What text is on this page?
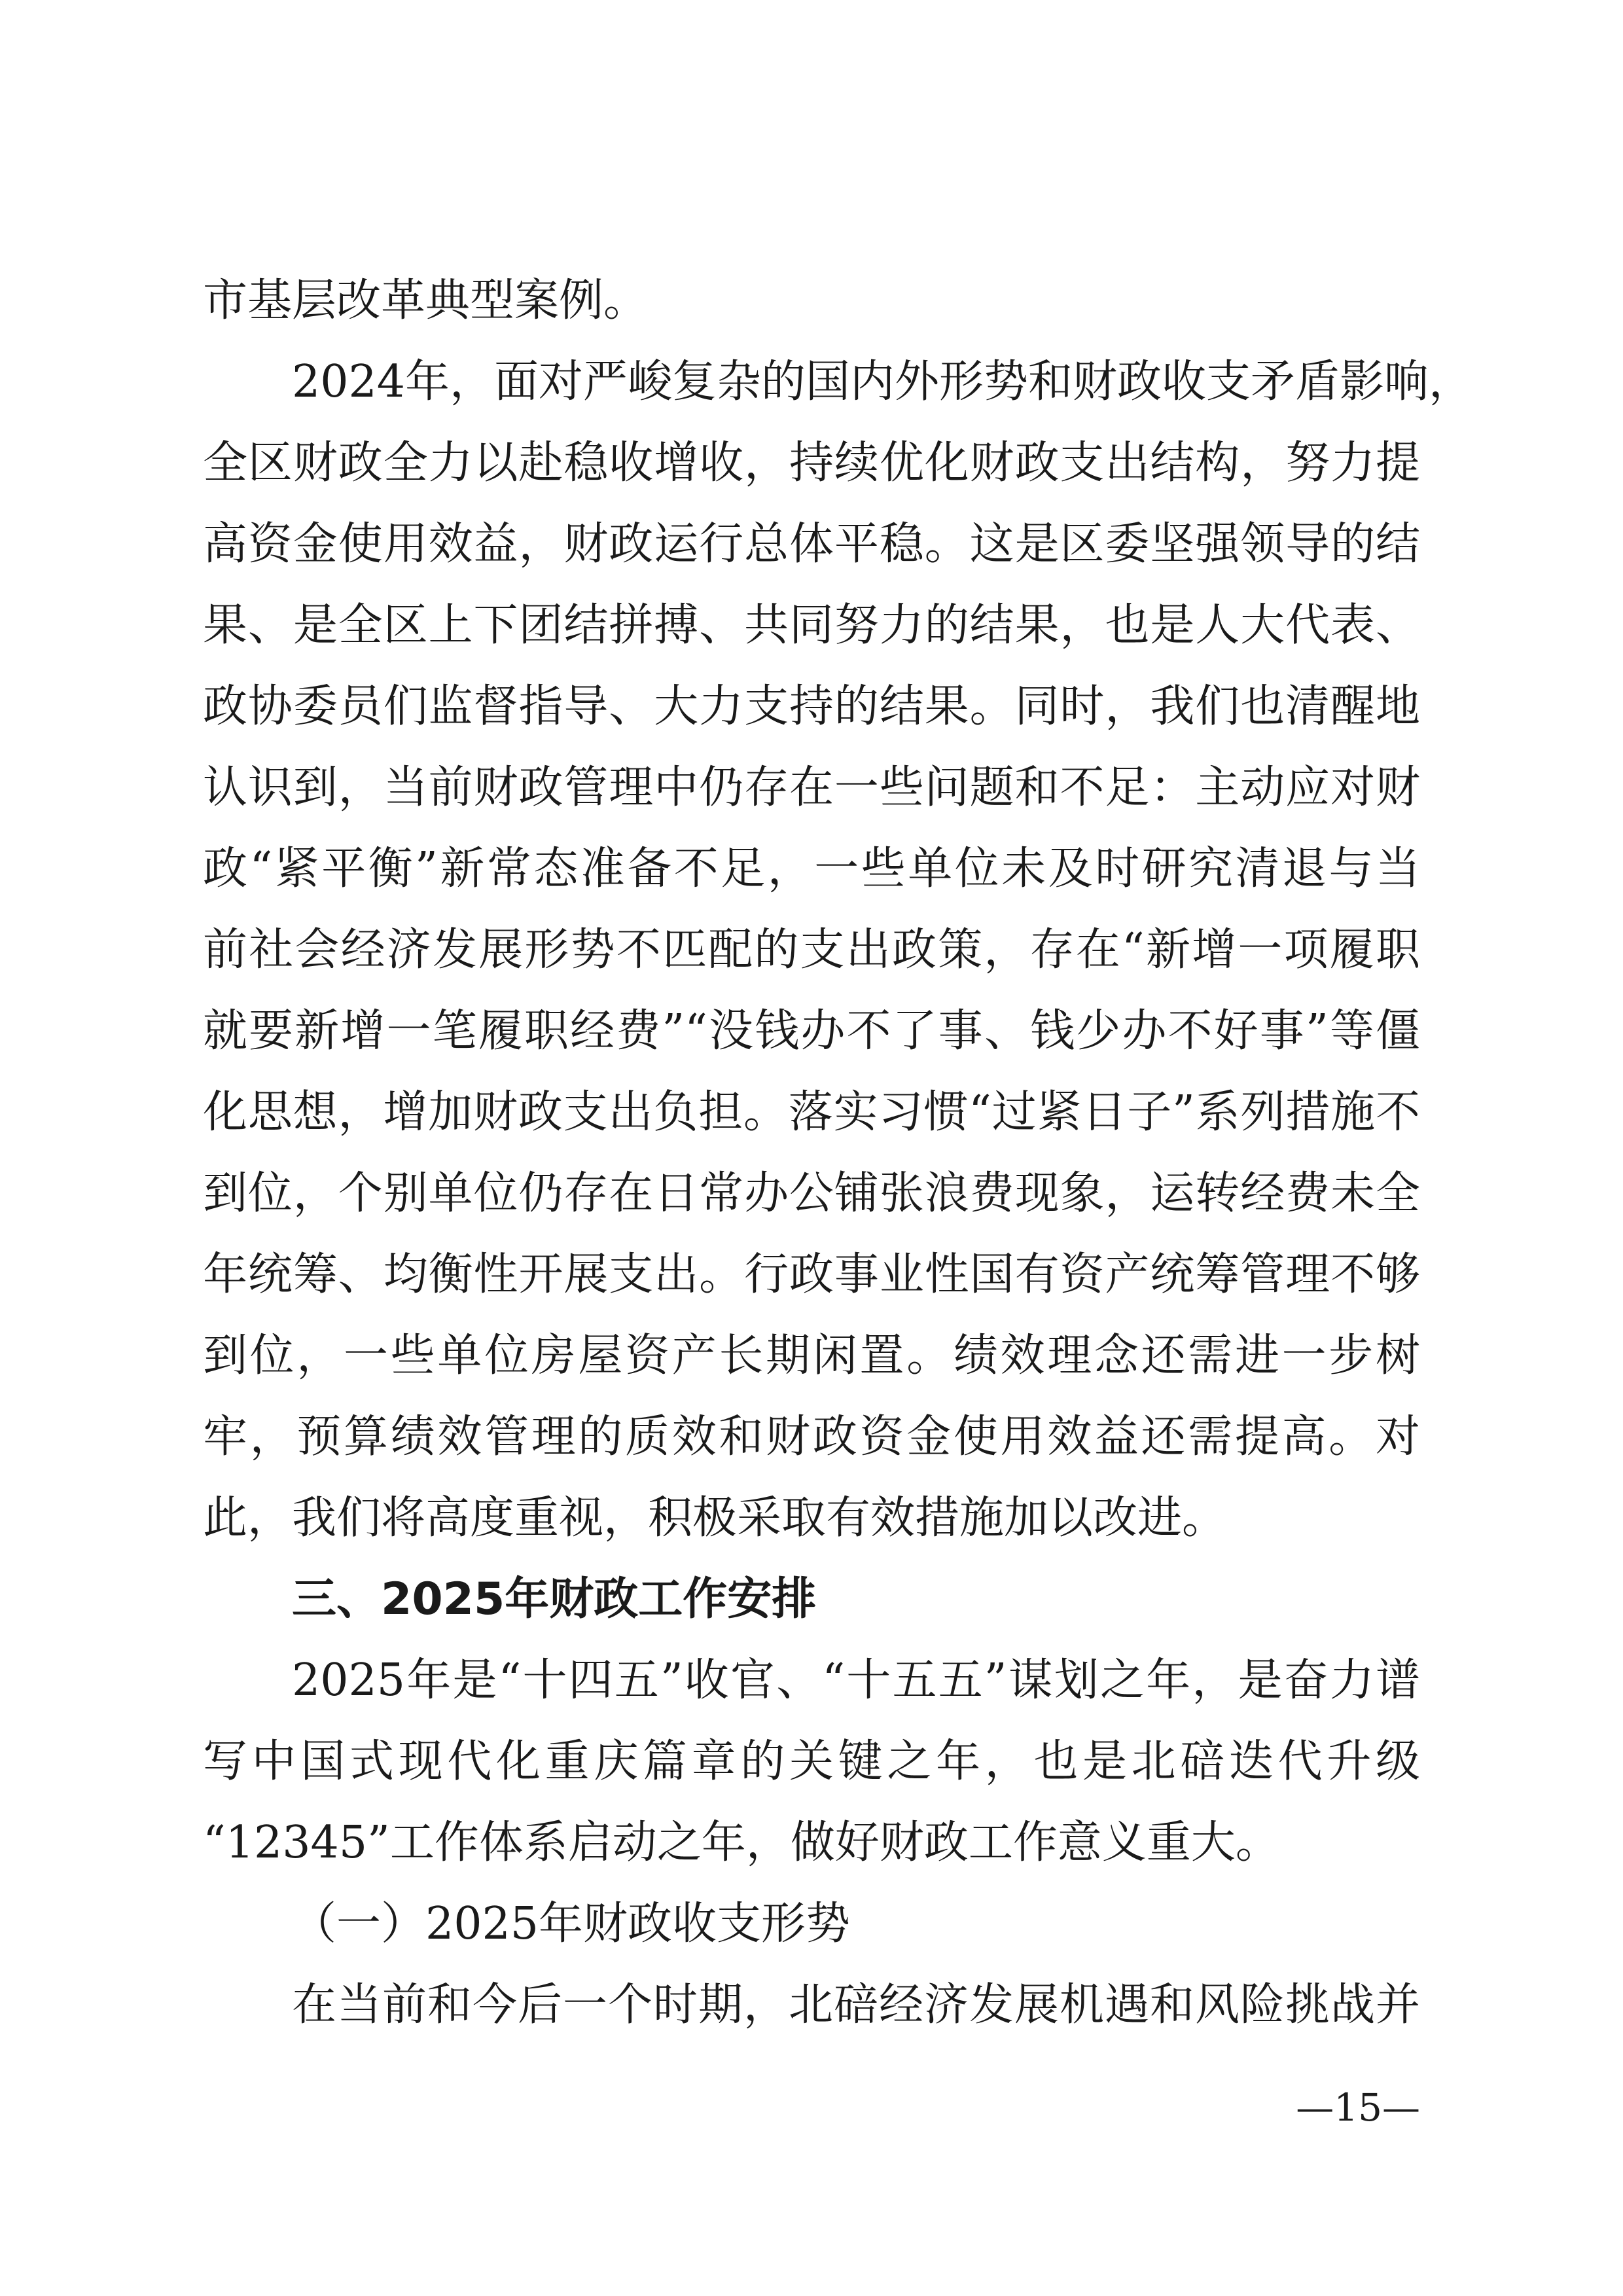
市基层改革典型案例。
2024年，面对严峻复杂的国内外形势和财政收支矛盾影响，
全区财政全力以赴稳收增收，持续优化财政支出结构，努力提
高资金使用效益，财政运行总体平稳。这是区委坚强领导的结
果、是全区上下团结拼搏、共同努力的结果，也是人大代表、
政协委员们监督指导、大力支持的结果。同时，我们也清醒地
认识到，当前财政管理中仍存在一些问题和不足：主动应对财
政“紧平衡”新常态准备不足，一些单位未及时研究清退与当
前社会经济发展形势不匹配的支出政策，存在“新增一项履职
就要新增一笔履职经费”“没钱办不了事、钱少办不好事”等僵
化思想，增加财政支出负担。落实习惯“过紧日子”系列措施不
到位，个别单位仍存在日常办公铺张浪费现象，运转经费未全
年统筹、均衡性开展支出。行政事业性国有资产统筹管理不够
到位，一些单位房屋资产长期闲置。绩效理念还需进一步树
牢，预算绩效管理的质效和财政资金使用效益还需提高。对
此，我们将高度重视，积极采取有效措施加以改进。
三、2025年财政工作安排
2025年是“十四五”收官、“十五五”谋划之年，是奋力谱
写中国式现代化重庆篇章的关键之年，也是北碚迭代升级
“12345”工作体系启动之年，做好财政工作意义重大。
（一）2025年财政收支形势
在当前和今后一个时期，北碚经济发展机遇和风险挑战并
—15—
